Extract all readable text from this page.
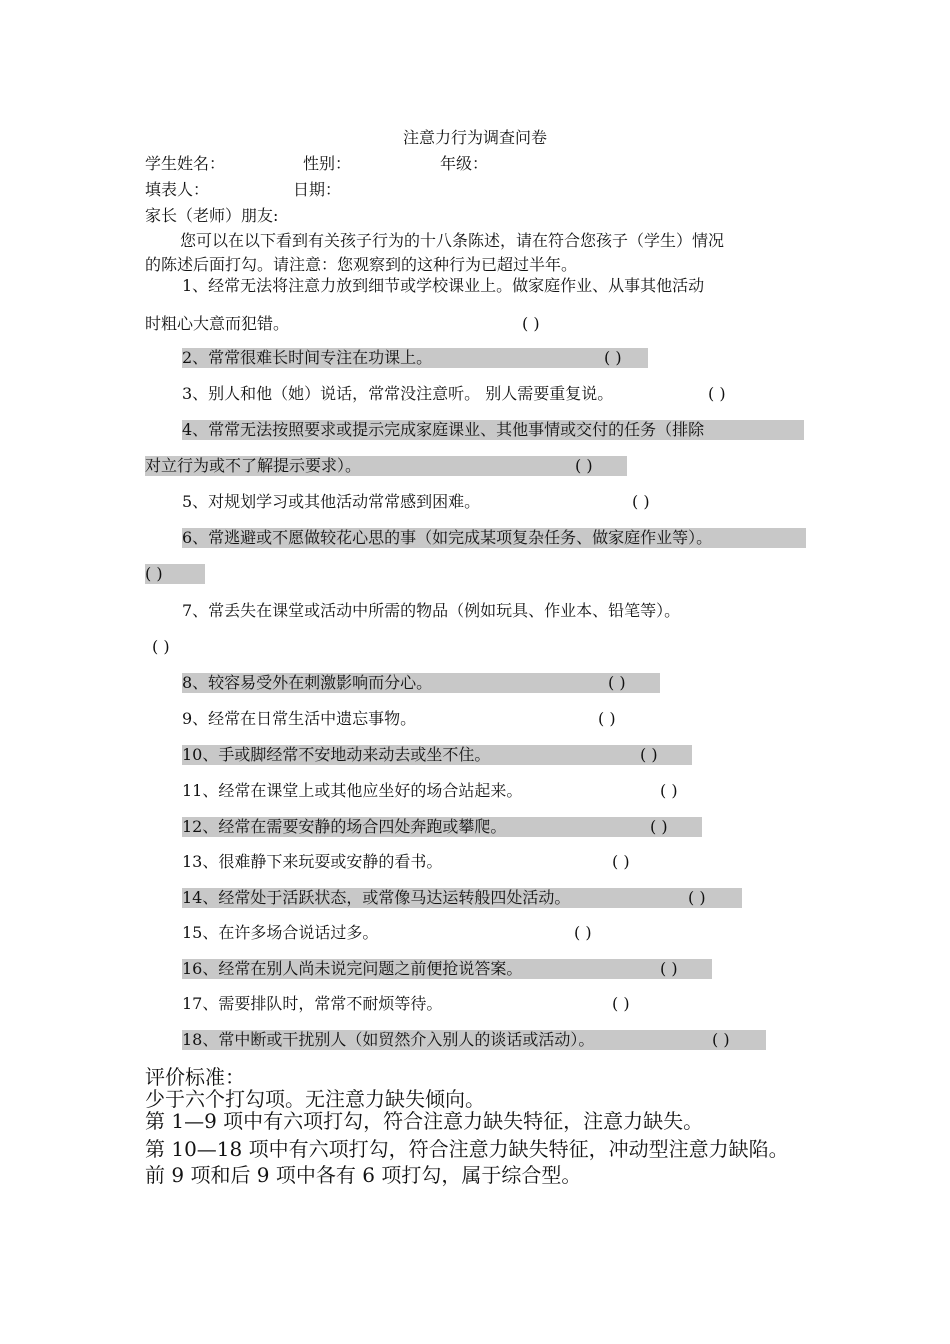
注意力行为调查问卷
学生姓名：	性别：	年级：
填表人：	日期：
家长（老师）朋友:
您可以在以下看到有关孩子行为的十八条陈述，请在符合您孩子（学生）情况
的陈述后面打勾。请注意：您观察到的这种行为已超过半年。
1、经常无法将注意力放到细节或学校课业上。做家庭作业、从事其他活动
时粗心大意而犯错。	( )
2、常常很难长时间专注在功课上。	( )
3、别人和他（她）说话，常常没注意听。 别人需要重复说。	( )
4、常常无法按照要求或提示完成家庭课业、其他事情或交付的任务（排除
对立行为或不了解提示要求）。	( )
5、对规划学习或其他活动常常感到困难。	( )
6、常逃避或不愿做较花心思的事（如完成某项复杂任务、做家庭作业等）。
( )
7、常丢失在课堂或活动中所需的物品（例如玩具、作业本、铅笔等）。
( )
8、较容易受外在刺激影响而分心。	( )
9、经常在日常生活中遗忘事物。	( )
10、手或脚经常不安地动来动去或坐不住。	( )
11、经常在课堂上或其他应坐好的场合站起来。	( )
12、经常在需要安静的场合四处奔跑或攀爬。	( )
13、很难静下来玩耍或安静的看书。	( )
14、经常处于活跃状态，或常像马达运转般四处活动。	( )
15、在许多场合说话过多。	( )
16、经常在别人尚未说完问题之前便抢说答案。	( )
17、需要排队时，常常不耐烦等待。	( )
18、常中断或干扰别人（如贸然介入别人的谈话或活动）。	( )
评价标准：
少于六个打勾项。无注意力缺失倾向。
第 1—9 项中有六项打勾，符合注意力缺失特征，注意力缺失。
第 10—18 项中有六项打勾，符合注意力缺失特征，冲动型注意力缺陷。
前 9 项和后 9 项中各有 6 项打勾，属于综合型。
